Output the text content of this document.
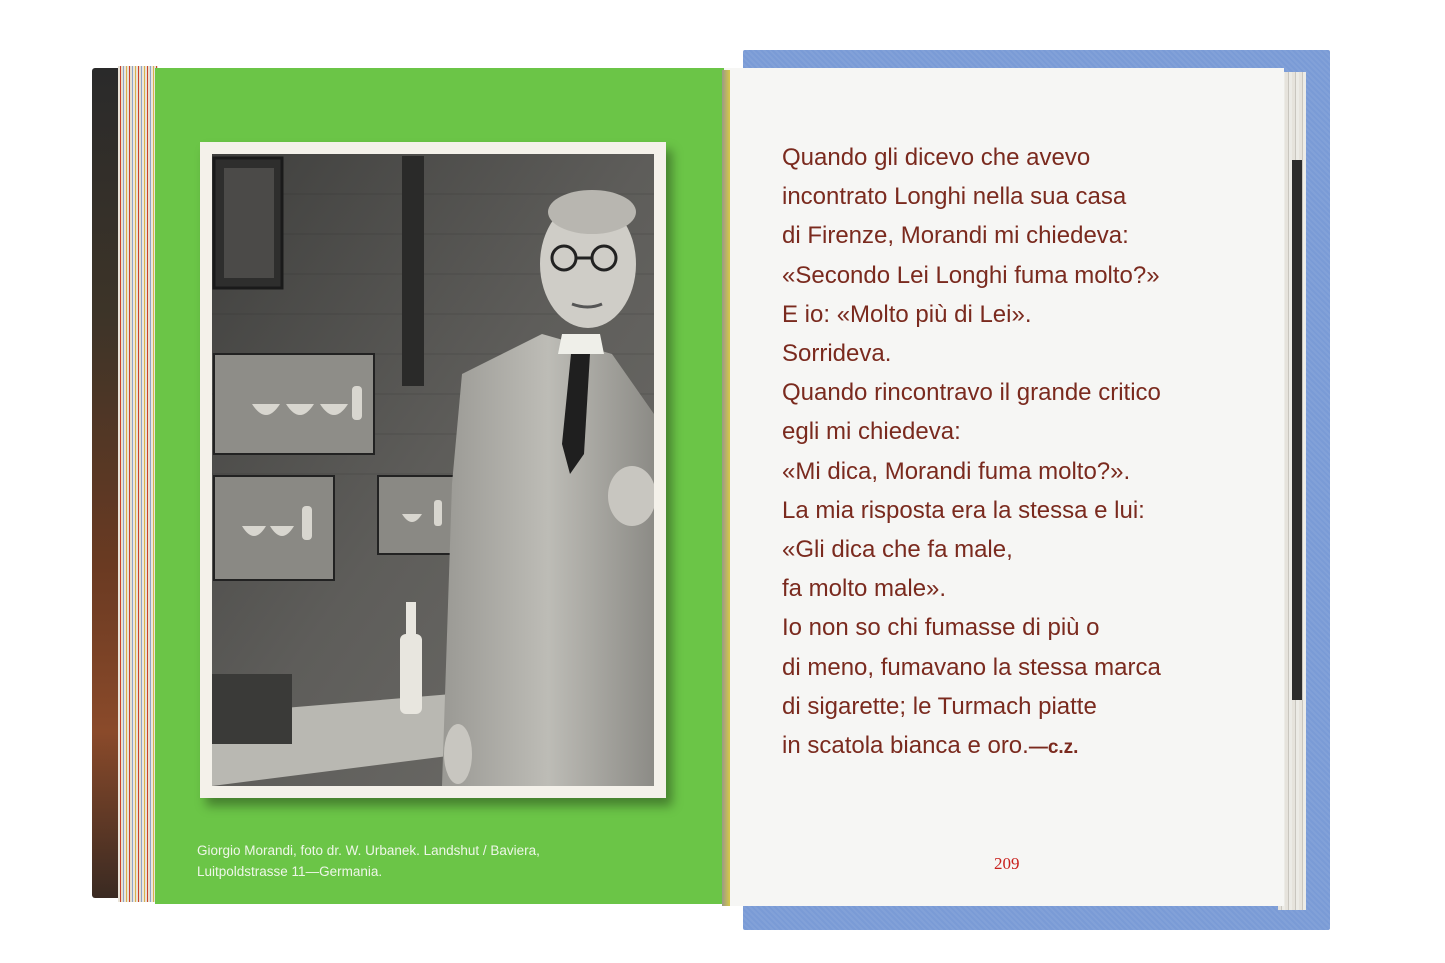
Giorgio Morandi, foto dr. W. Urbanek. Landshut / Baviera,
Luitpoldstrasse 11—Germania.
Quando gli dicevo che avevo
incontrato Longhi nella sua casa
di Firenze, Morandi mi chiedeva:
«Secondo Lei Longhi fuma molto?»
E io: «Molto più di Lei».
Sorrideva.
Quando rincontravo il grande critico
egli mi chiedeva:
«Mi dica, Morandi fuma molto?».
La mia risposta era la stessa e lui:
«Gli dica che fa male,
fa molto male».
Io non so chi fumasse di più o
di meno, fumavano la stessa marca
di sigarette; le Turmach piatte
in scatola bianca e oro.—c.z.
209
